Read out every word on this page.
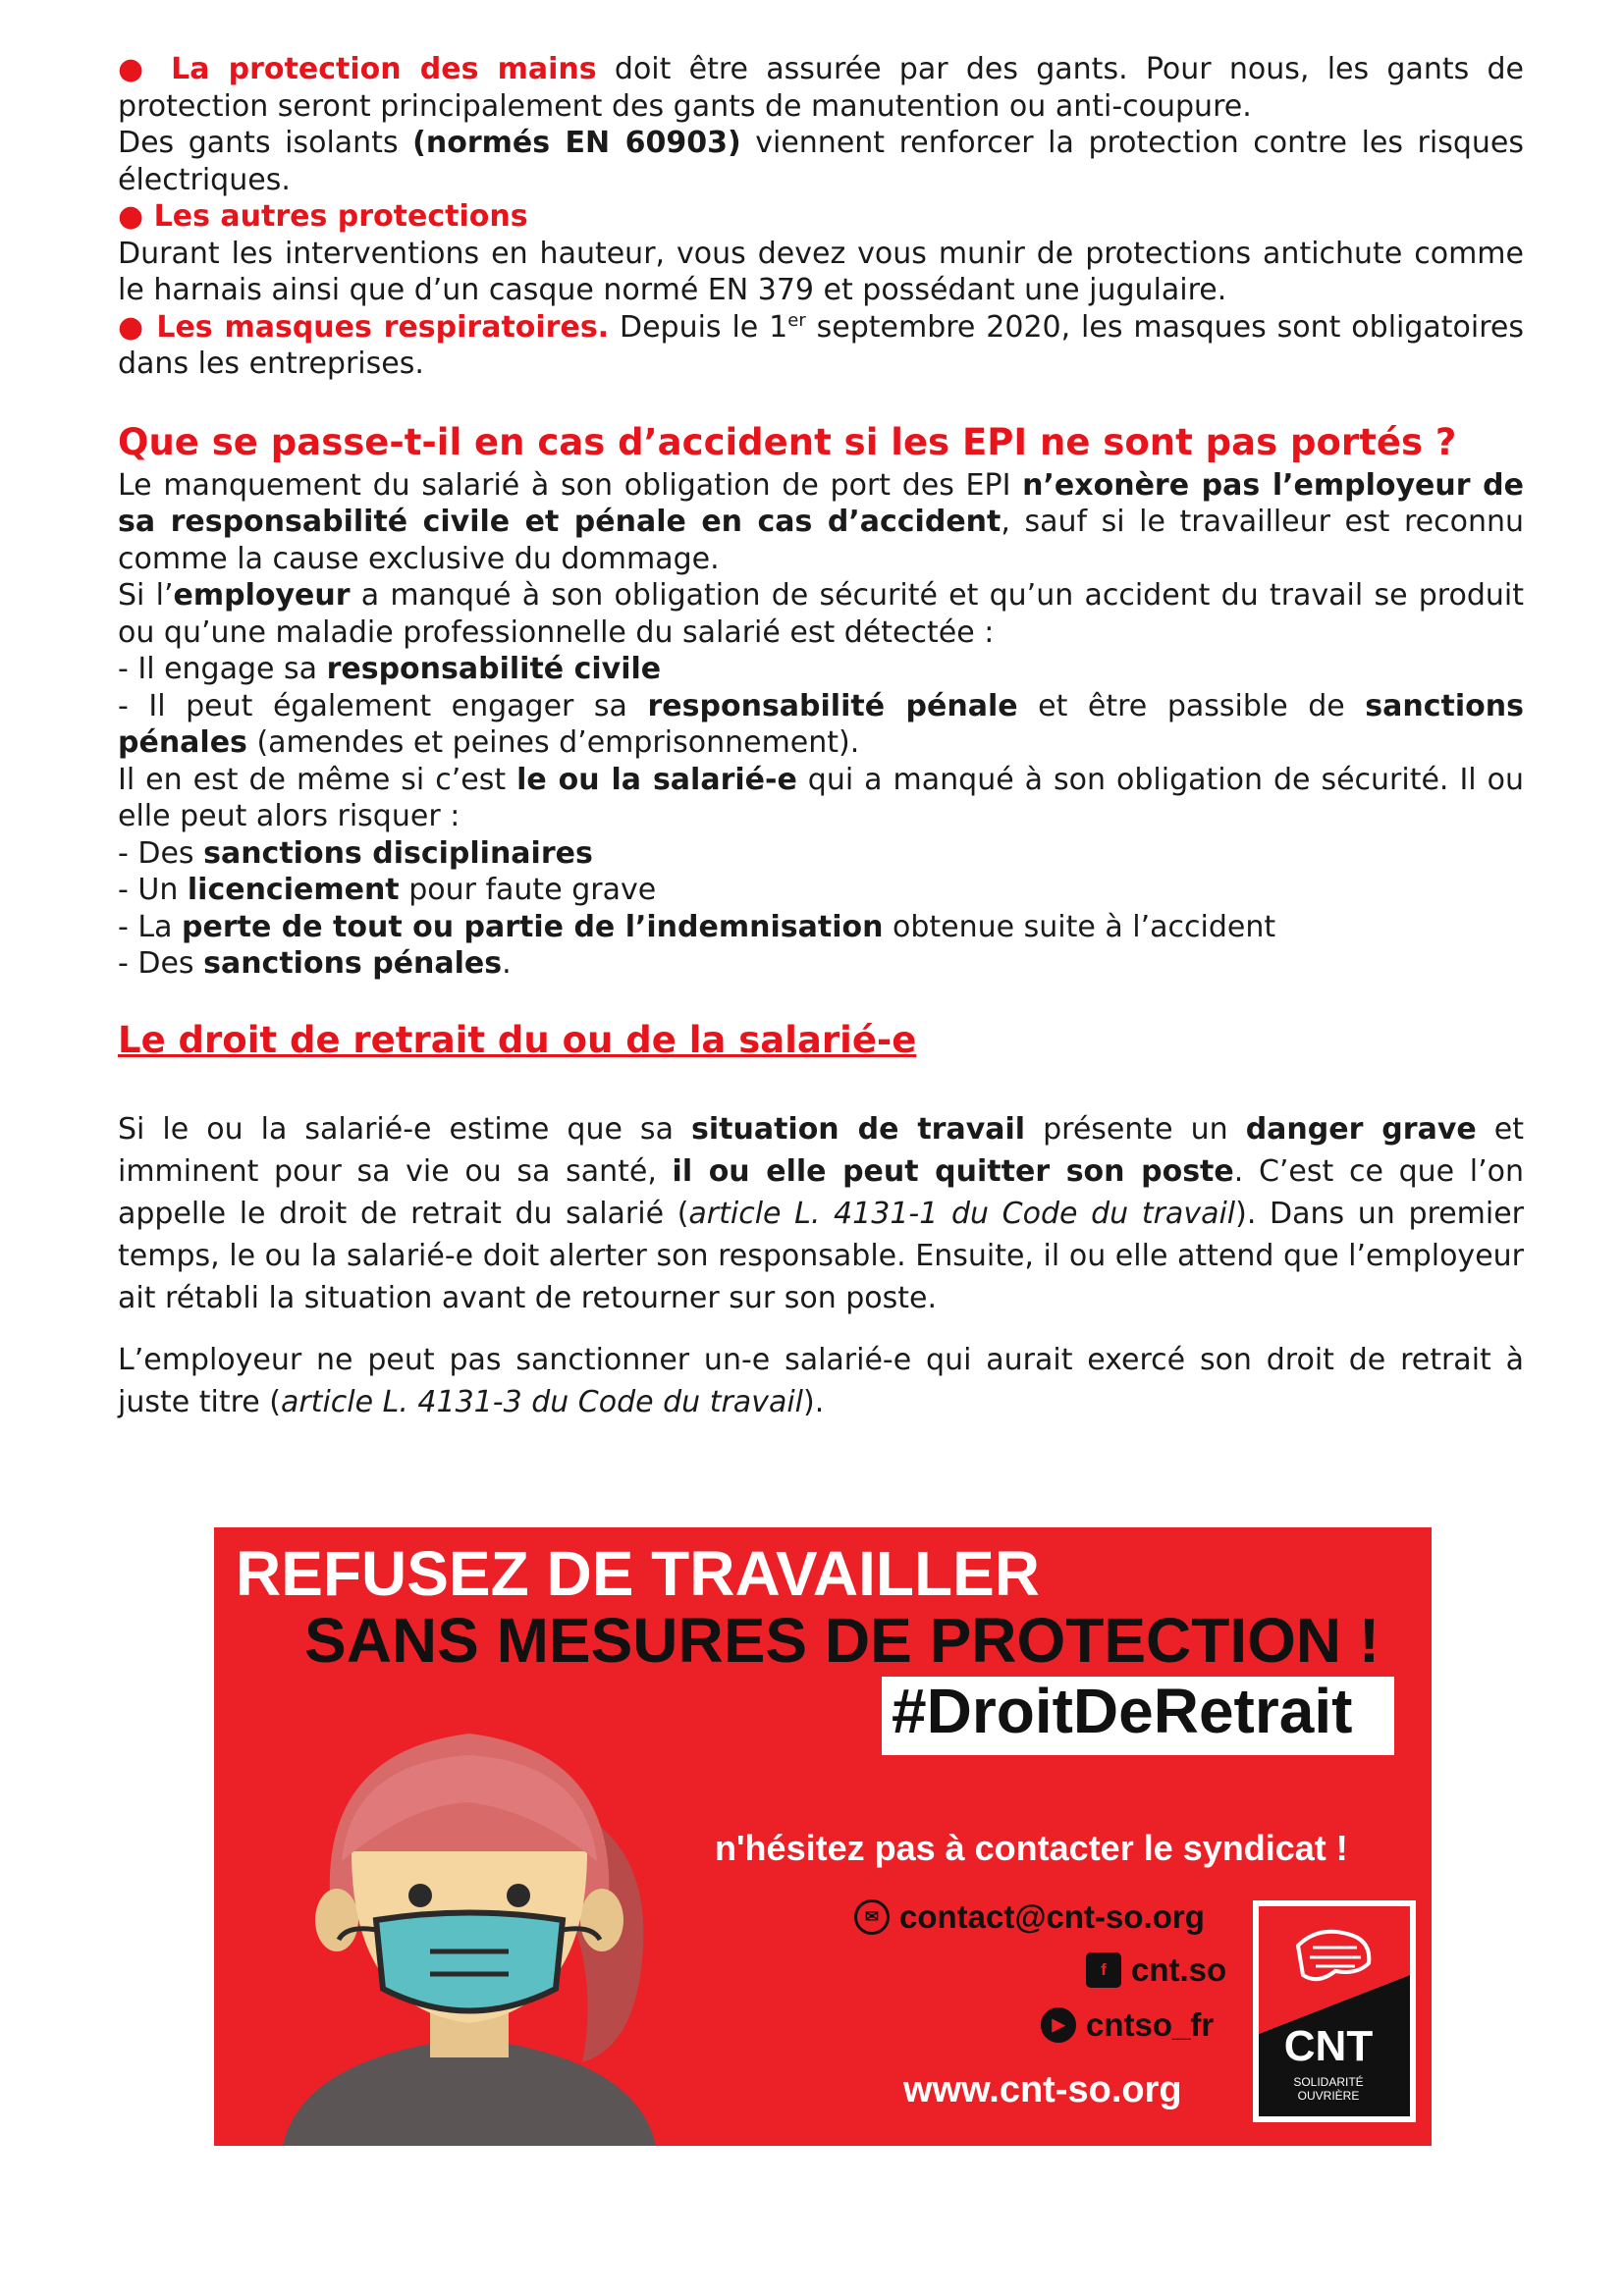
● La protection des mains doit être assurée par des gants. Pour nous, les gants de protection seront principalement des gants de manutention ou anti-coupure.

Des gants isolants (normés EN 60903) viennent renforcer la protection contre les risques électriques.

● Les autres protections

Durant les interventions en hauteur, vous devez vous munir de protections antichute comme le harnais ainsi que d’un casque normé EN 379 et possédant une jugulaire.

● Les masques respiratoires. Depuis le 1er septembre 2020, les masques sont obligatoires dans les entreprises.

Que se passe-t-il en cas d’accident si les EPI ne sont pas portés ?

Le manquement du salarié à son obligation de port des EPI n’exonère pas l’employeur de sa responsabilité civile et pénale en cas d’accident, sauf si le travailleur est reconnu comme la cause exclusive du dommage.

Si l’employeur a manqué à son obligation de sécurité et qu’un accident du travail se produit ou qu’une maladie professionnelle du salarié est détectée :

- Il engage sa responsabilité civile

- Il peut également engager sa responsabilité pénale et être passible de sanctions pénales (amendes et peines d’emprisonnement).

Il en est de même si c’est le ou la salarié-e qui a manqué à son obligation de sécurité. Il ou elle peut alors risquer :

- Des sanctions disciplinaires

- Un licenciement pour faute grave

- La perte de tout ou partie de l’indemnisation obtenue suite à l’accident

- Des sanctions pénales.

Le droit de retrait du ou de la salarié-e

Si le ou la salarié-e estime que sa situation de travail présente un danger grave et imminent pour sa vie ou sa santé, il ou elle peut quitter son poste. C’est ce que l’on appelle le droit de retrait du salarié (article L. 4131-1 du Code du travail). Dans un premier temps, le ou la salarié-e doit alerter son responsable. Ensuite, il ou elle attend que l’employeur ait rétabli la situation avant de retourner sur son poste.

L’employeur ne peut pas sanctionner un-e salarié-e qui aurait exercé son droit de retrait à juste titre (article L. 4131-3 du Code du travail).

REFUSEZ DE TRAVAILLER
SANS MESURES DE PROTECTION !
#DroitDeRetrait
n'hésitez pas à contacter le syndicat !
✉ contact@cnt-so.org
f cnt.so
▶ cntso_fr
www.cnt-so.org
CNT
SOLIDARITÉ
OUVRIÈRE
